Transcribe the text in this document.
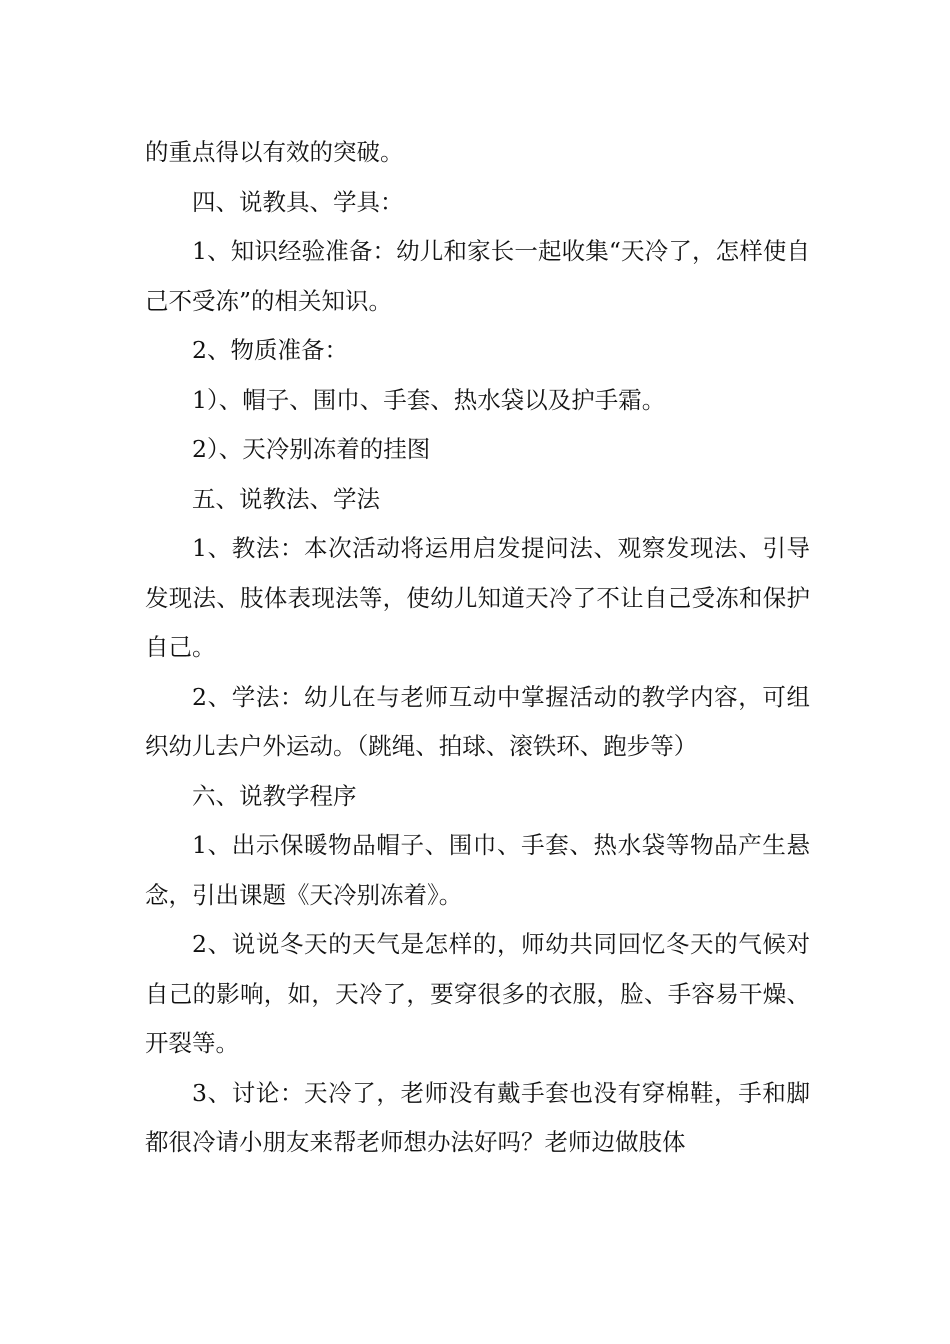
的重点得以有效的突破。

四、说教具、学具：

1、知识经验准备：幼儿和家长一起收集“天冷了，怎样使自己不受冻”的相关知识。

2、物质准备：

1）、帽子、围巾、手套、热水袋以及护手霜。

2）、天冷别冻着的挂图

五、说教法、学法

1、教法：本次活动将运用启发提问法、观察发现法、引导发现法、肢体表现法等，使幼儿知道天冷了不让自己受冻和保护自己。

2、学法：幼儿在与老师互动中掌握活动的教学内容，可组织幼儿去户外运动。（跳绳、拍球、滚铁环、跑步等）

六、说教学程序

1、出示保暖物品帽子、围巾、手套、热水袋等物品产生悬念，引出课题《天冷别冻着》。

2、说说冬天的天气是怎样的，师幼共同回忆冬天的气候对自己的影响，如，天冷了，要穿很多的衣服，脸、手容易干燥、开裂等。

3、讨论：天冷了，老师没有戴手套也没有穿棉鞋，手和脚都很冷请小朋友来帮老师想办法好吗？老师边做肢体
